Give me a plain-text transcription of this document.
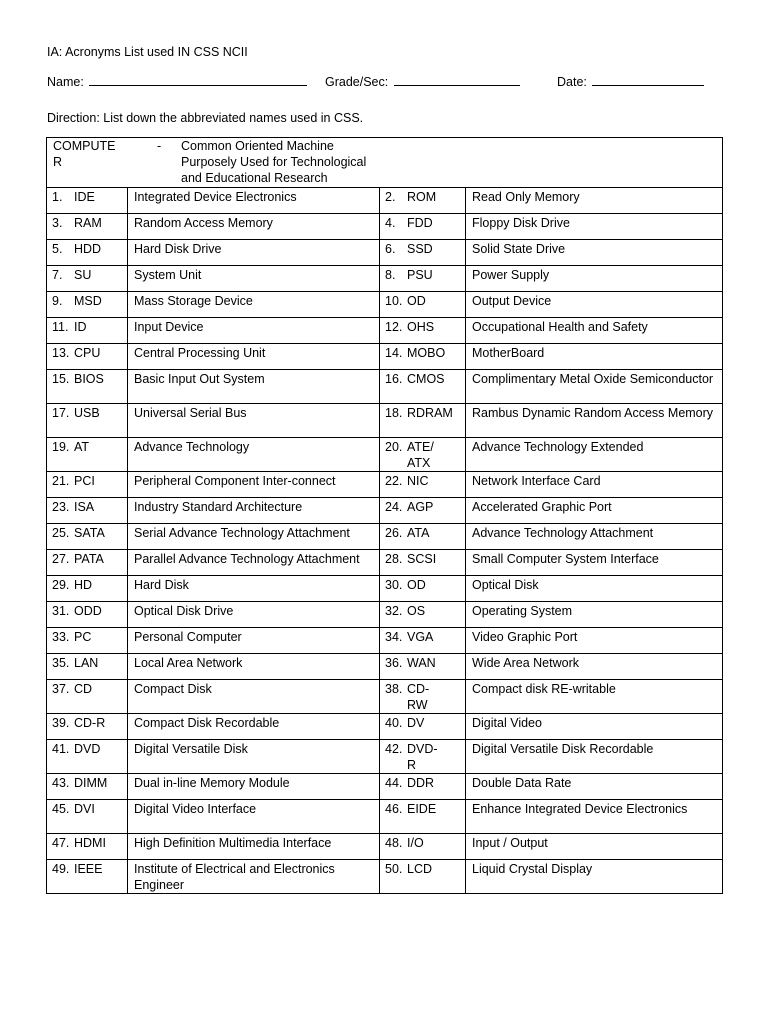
IA: Acronyms List used IN CSS NCII
Name:	Grade/Sec:	Date:
Direction: List down the abbreviated names used in CSS.
COMPUTER
- Common Oriented Machine Purposely Used for Technological and Educational Research			

1. IDE	Integrated Device Electronics	2. ROM	Read Only Memory

3. RAM	Random Access Memory	4. FDD	Floppy Disk Drive

5. HDD	Hard Disk Drive	6. SSD	Solid State Drive

7. SU	System Unit	8. PSU	Power Supply

9. MSD	Mass Storage Device	10. OD	Output Device

11. ID	Input Device	12. OHS	Occupational Health and Safety

13. CPU	Central Processing Unit	14. MOBO	MotherBoard

15. BIOS	Basic Input Out System	16. CMOS	Complimentary Metal Oxide Semiconductor

17. USB	Universal Serial Bus	18. RDRAM	Rambus Dynamic Random Access Memory

19. AT	Advance Technology	20. ATE/ ATX	Advance Technology Extended

21. PCI	Peripheral Component Inter-connect	22. NIC	Network Interface Card

23. ISA	Industry Standard Architecture	24. AGP	Accelerated Graphic Port

25. SATA	Serial Advance Technology Attachment	26. ATA	Advance Technology Attachment

27. PATA	Parallel Advance Technology Attachment	28. SCSI	Small Computer System Interface

29. HD	Hard Disk	30. OD	Optical Disk

31. ODD	Optical Disk Drive	32. OS	Operating System

33. PC	Personal Computer	34. VGA	Video Graphic Port

35. LAN	Local Area Network	36. WAN	Wide Area Network

37. CD	Compact Disk	38. CD-RW	Compact disk RE-writable

39. CD-R	Compact Disk Recordable	40. DV	Digital Video

41. DVD	Digital Versatile Disk	42. DVD-R	Digital Versatile Disk Recordable

43. DIMM	Dual in-line Memory Module	44. DDR	Double Data Rate

45. DVI	Digital Video Interface	46. EIDE	Enhance Integrated Device Electronics

47. HDMI	High Definition Multimedia Interface	48. I/O	Input / Output

49. IEEE	Institute of Electrical and Electronics Engineer	50. LCD	Liquid Crystal Display
